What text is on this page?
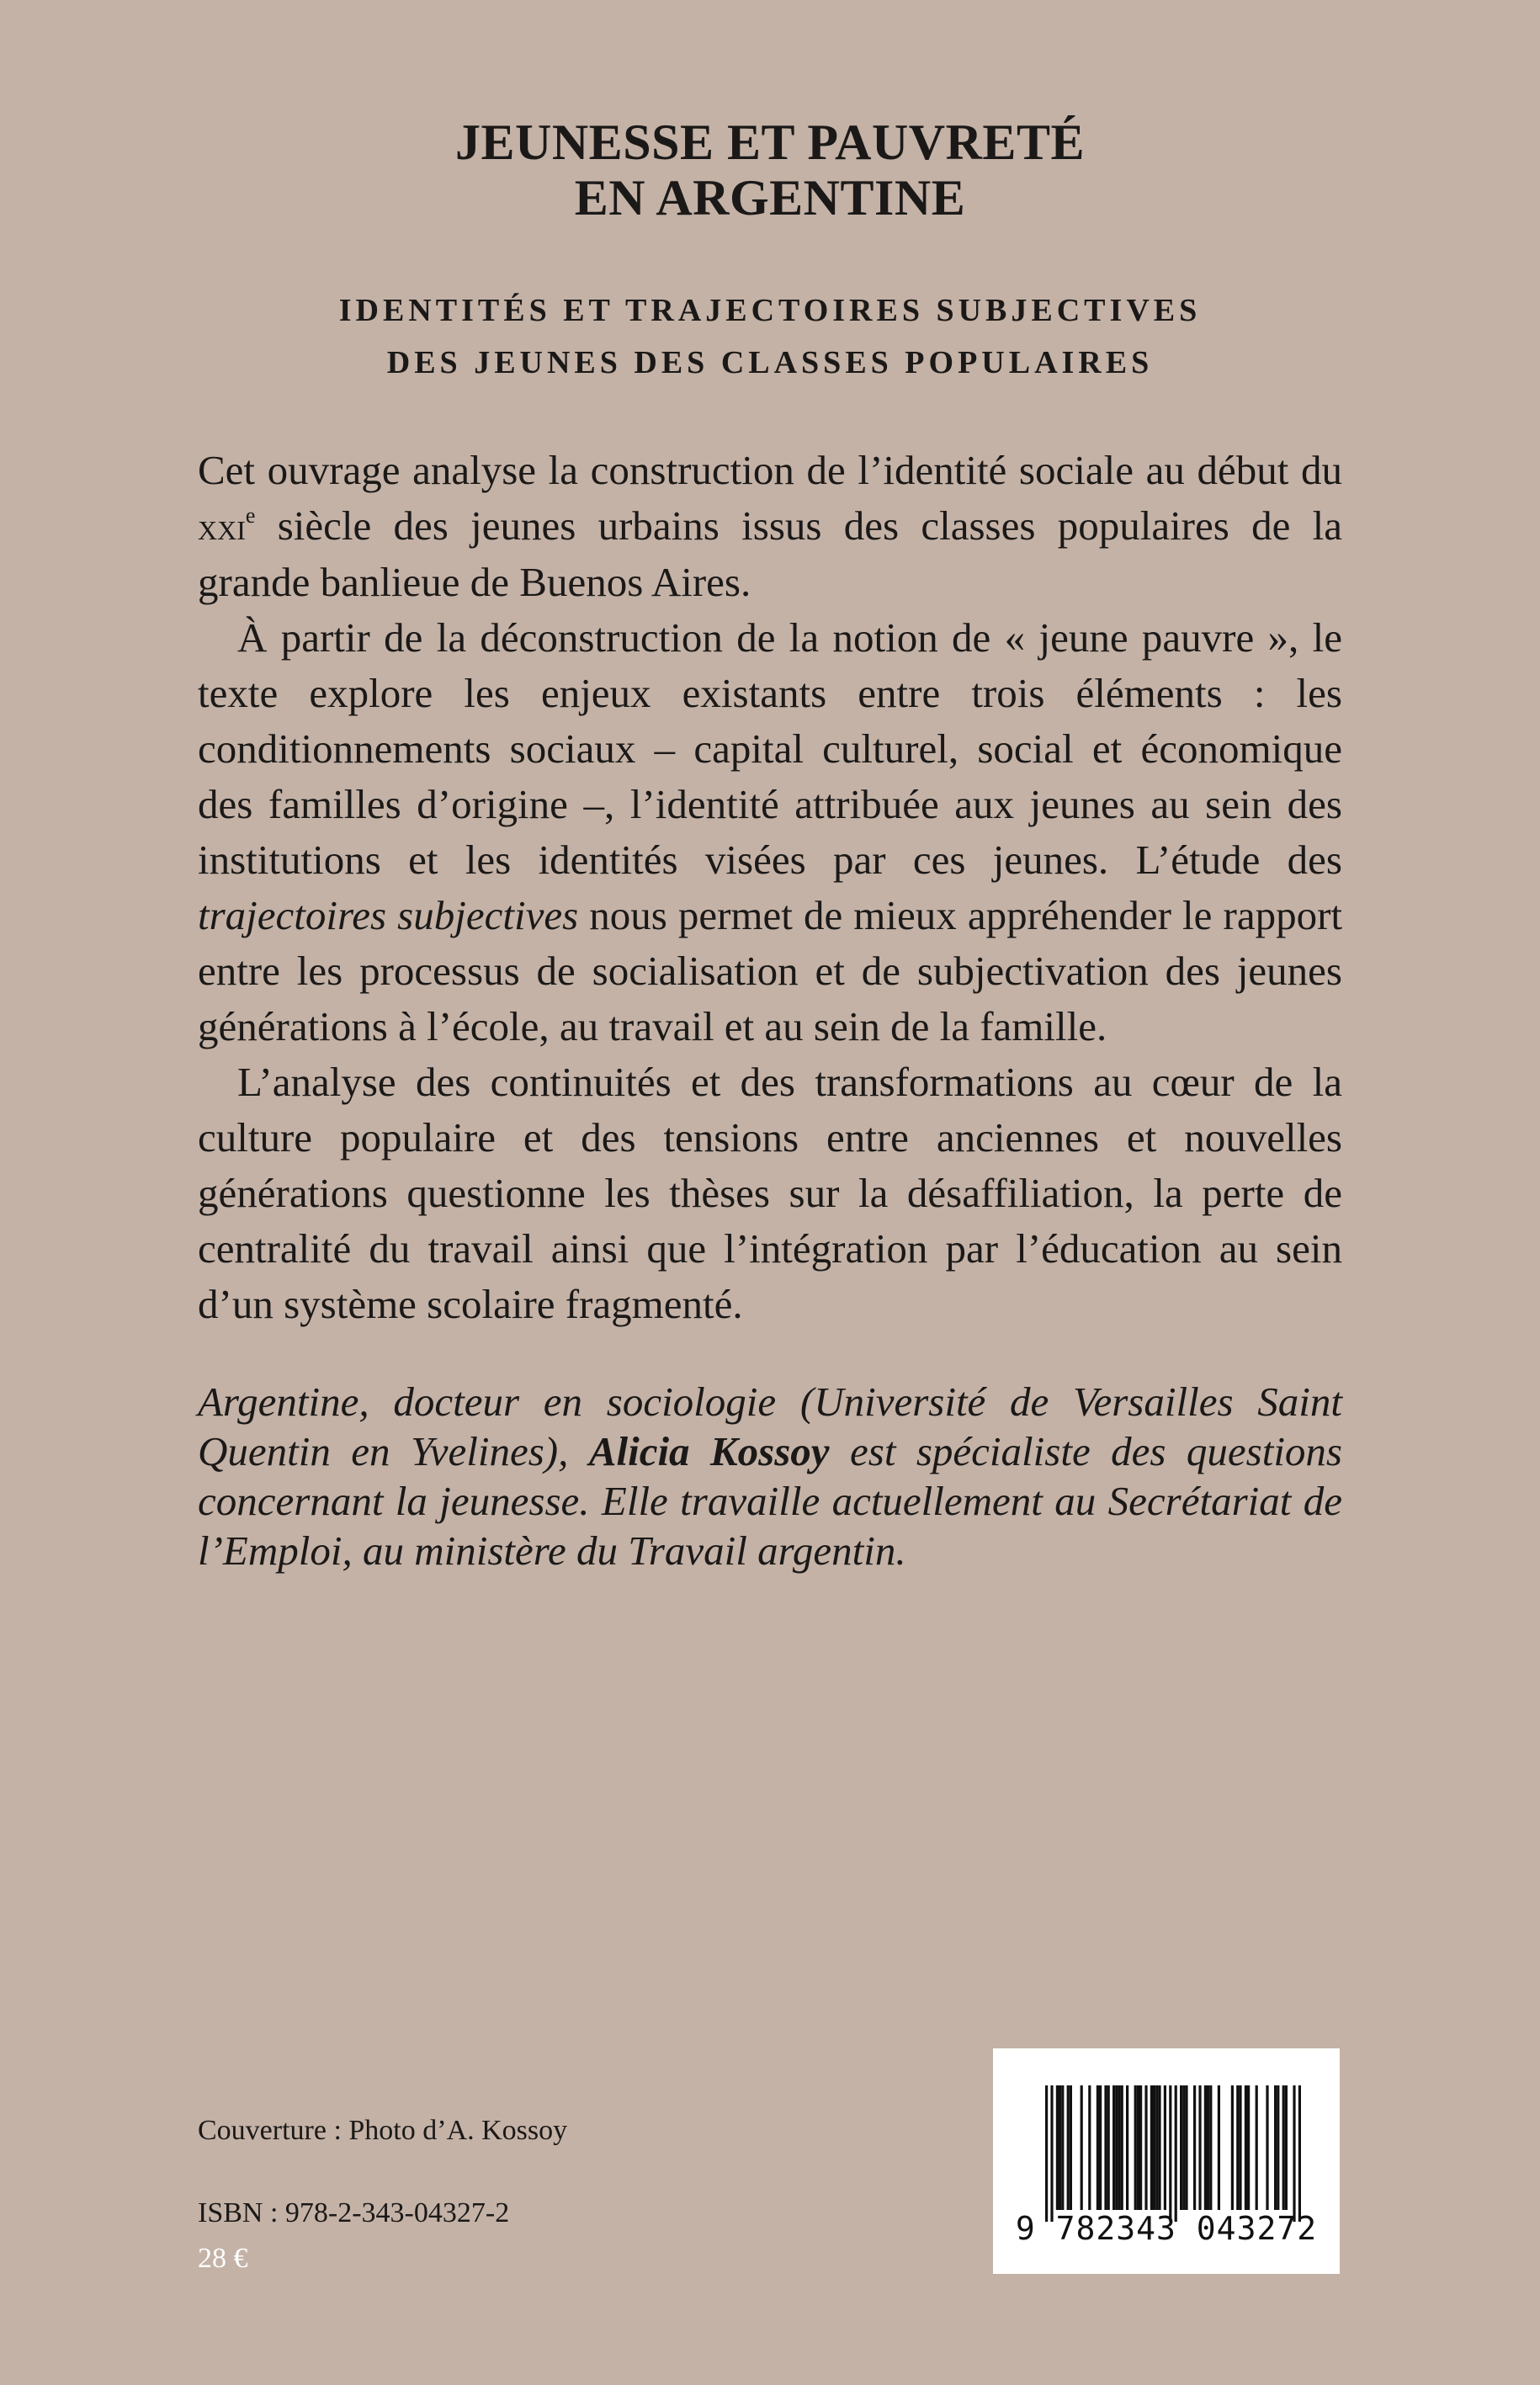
JEUNESSE ET PAUVRETÉ
EN ARGENTINE
IDENTITÉS ET TRAJECTOIRES SUBJECTIVES
DES JEUNES DES CLASSES POPULAIRES

Cet ouvrage analyse la construction de l’identité sociale au début du xxi$^e$ siècle des jeunes urbains issus des classes populaires de la grande banlieue de Buenos Aires.

À partir de la déconstruction de la notion de « jeune pauvre », le texte explore les enjeux existants entre trois éléments : les conditionnements sociaux – capital culturel, social et économique des familles d’origine –, l’identité attribuée aux jeunes au sein des institutions et les identités visées par ces jeunes. L’étude des trajectoires subjectives nous permet de mieux appréhender le rapport entre les processus de socialisation et de subjectivation des jeunes générations à l’école, au travail et au sein de la famille.

L’analyse des continuités et des transformations au cœur de la culture populaire et des tensions entre anciennes et nouvelles générations questionne les thèses sur la désaffiliation, la perte de centralité du travail ainsi que l’intégration par l’éducation au sein d’un système scolaire fragmenté.

Argentine, docteur en sociologie (Université de Versailles Saint Quentin en Yvelines), Alicia Kossoy est spécialiste des questions concernant la jeunesse. Elle travaille actuellement au Secrétariat de l’Emploi, au ministère du Travail argentin.

Couverture : Photo d’A. Kossoy
ISBN : 978-2-343-04327-2
28 €
9 782343 043272
